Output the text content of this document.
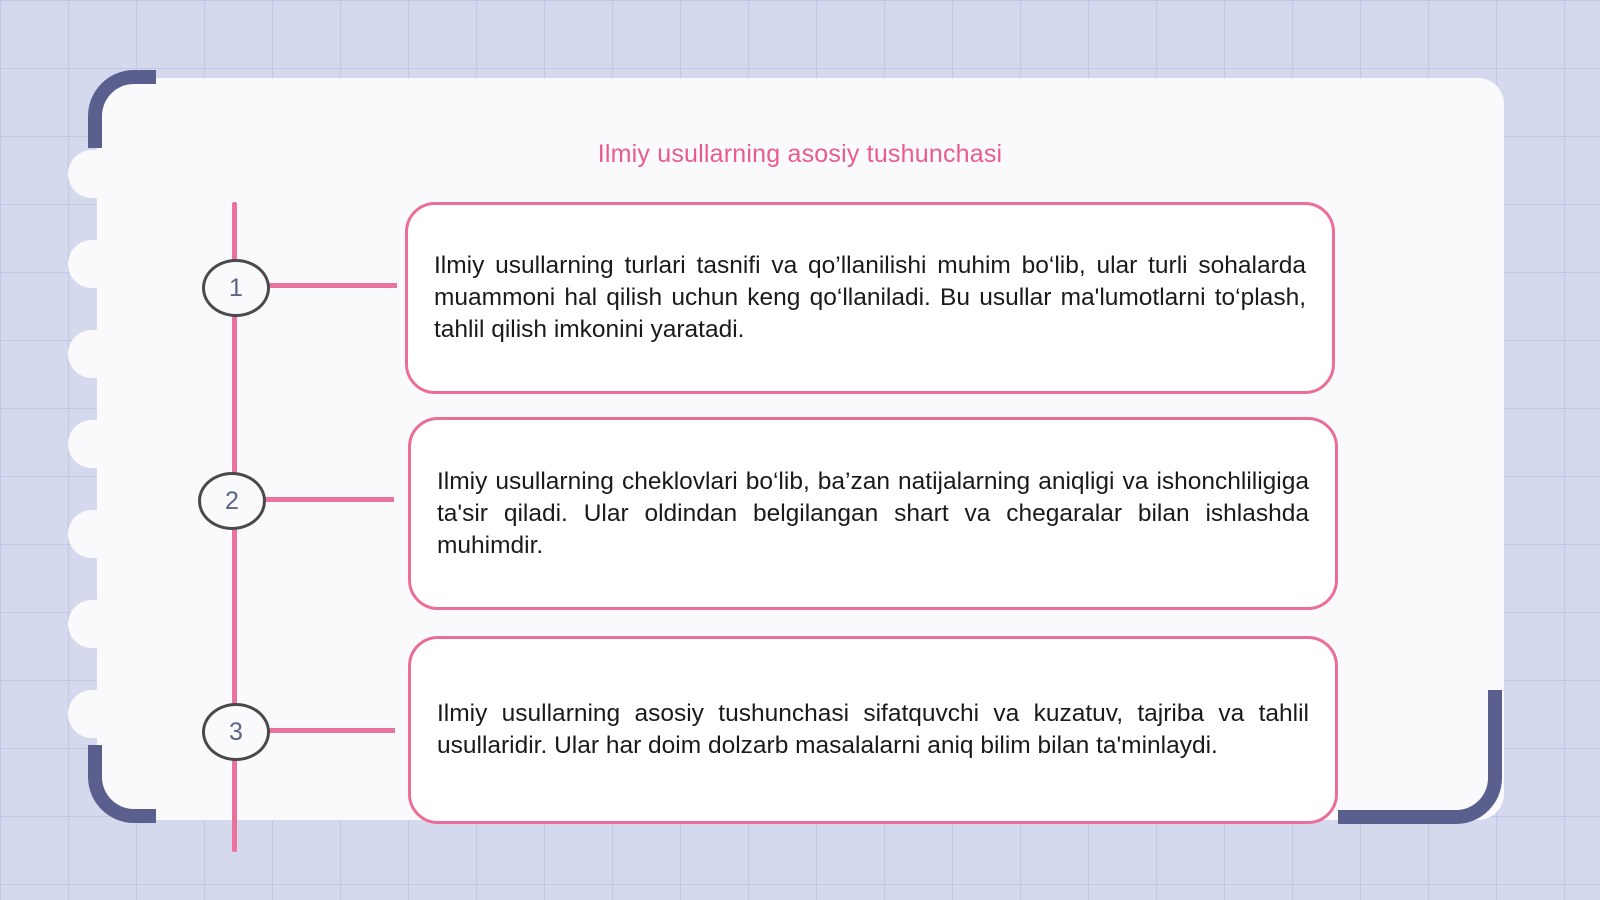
Ilmiy usullarning asosiy tushunchasi
1

Ilmiy usullarning turlari tasnifi va qo’llanilishi muhim bo‘lib, ular turli sohalarda muammoni hal qilish uchun keng qo‘llaniladi. Bu usullar ma'lumotlarni to‘plash, tahlil qilish imkonini yaratadi.

2

Ilmiy usullarning cheklovlari bo‘lib, ba’zan natijalarning aniqligi va ishonchliligiga ta'sir qiladi. Ular oldindan belgilangan shart va chegaralar bilan ishlashda muhimdir.

3

Ilmiy usullarning asosiy tushunchasi sifatquvchi va kuzatuv, tajriba va tahlil usullaridir. Ular har doim dolzarb masalalarni aniq bilim bilan ta'minlaydi.
